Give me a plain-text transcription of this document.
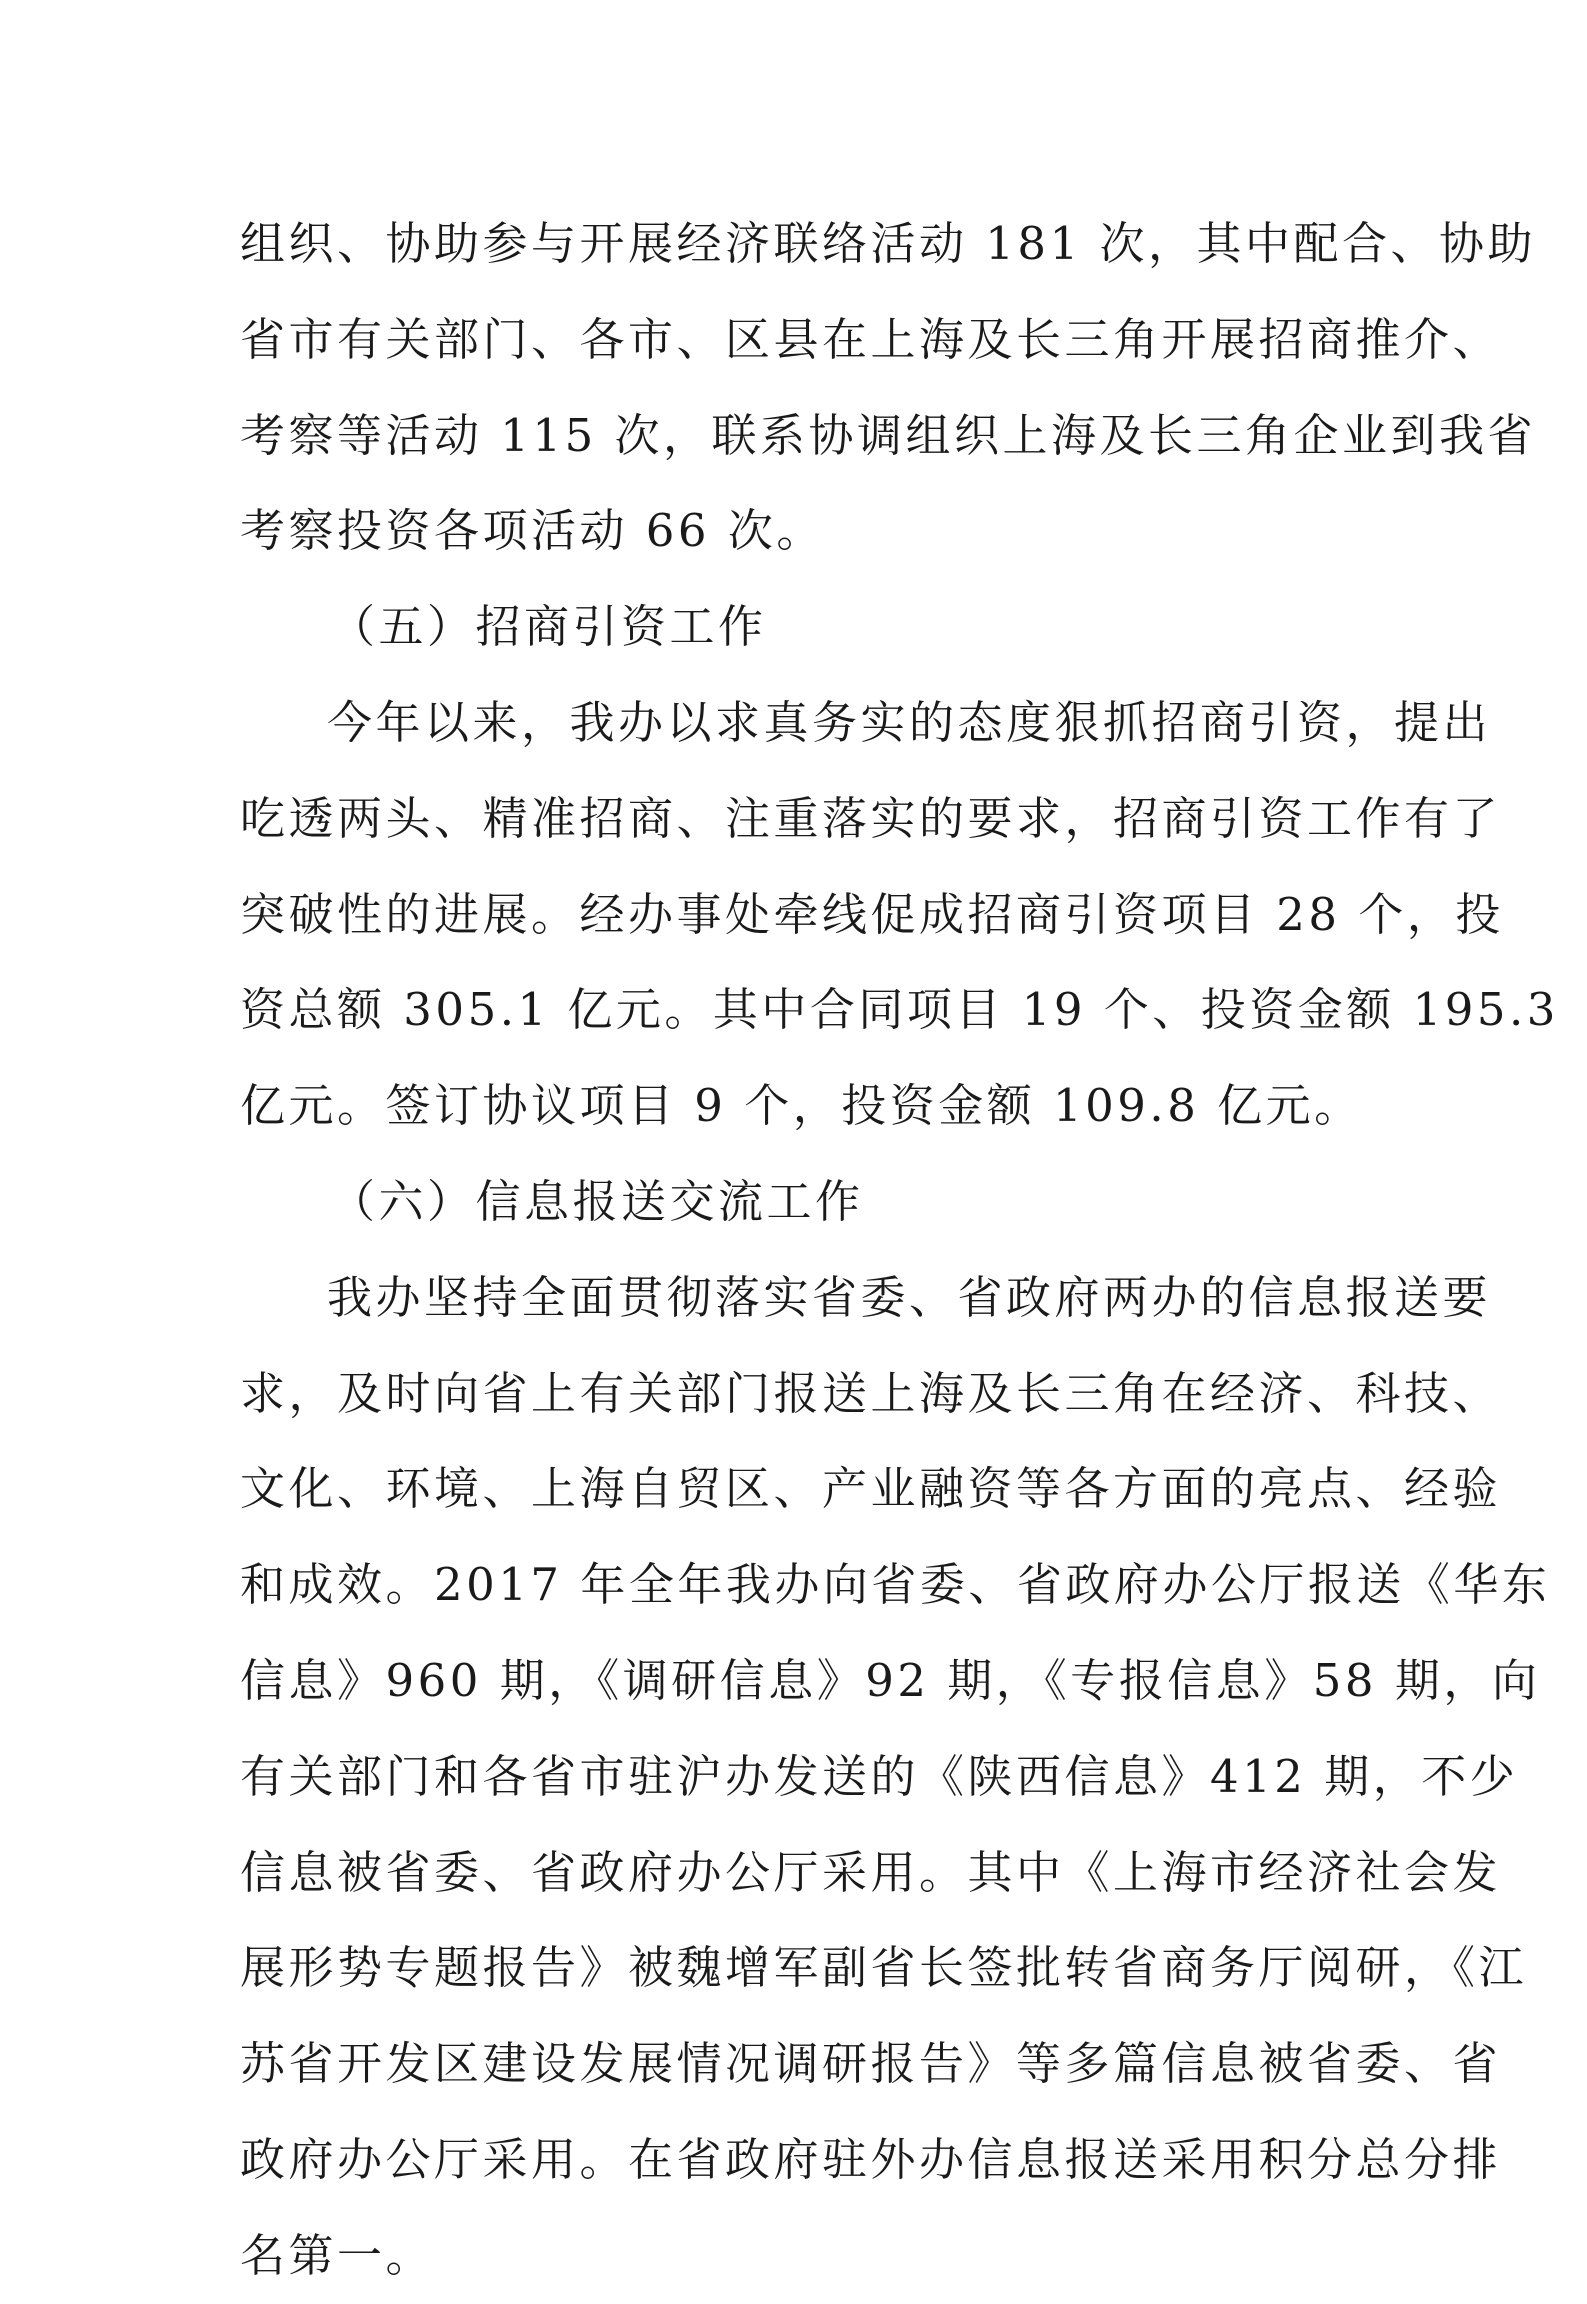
组织、协助参与开展经济联络活动 181 次，其中配合、协助
省市有关部门、各市、区县在上海及长三角开展招商推介、
考察等活动 115 次，联系协调组织上海及长三角企业到我省
考察投资各项活动 66 次。
（五）招商引资工作
今年以来，我办以求真务实的态度狠抓招商引资，提出
吃透两头、精准招商、注重落实的要求，招商引资工作有了
突破性的进展。经办事处牵线促成招商引资项目 28 个，投
资总额 305.1 亿元。其中合同项目 19 个、投资金额 195.3
亿元。签订协议项目 9 个，投资金额 109.8 亿元。
（六）信息报送交流工作
我办坚持全面贯彻落实省委、省政府两办的信息报送要
求，及时向省上有关部门报送上海及长三角在经济、科技、
文化、环境、上海自贸区、产业融资等各方面的亮点、经验
和成效。2017 年全年我办向省委、省政府办公厅报送《华东
信息》960 期，《调研信息》92 期，《专报信息》58 期，向
有关部门和各省市驻沪办发送的《陕西信息》412 期，不少
信息被省委、省政府办公厅采用。其中《上海市经济社会发
展形势专题报告》被魏增军副省长签批转省商务厅阅研，《江
苏省开发区建设发展情况调研报告》等多篇信息被省委、省
政府办公厅采用。在省政府驻外办信息报送采用积分总分排
名第一。
